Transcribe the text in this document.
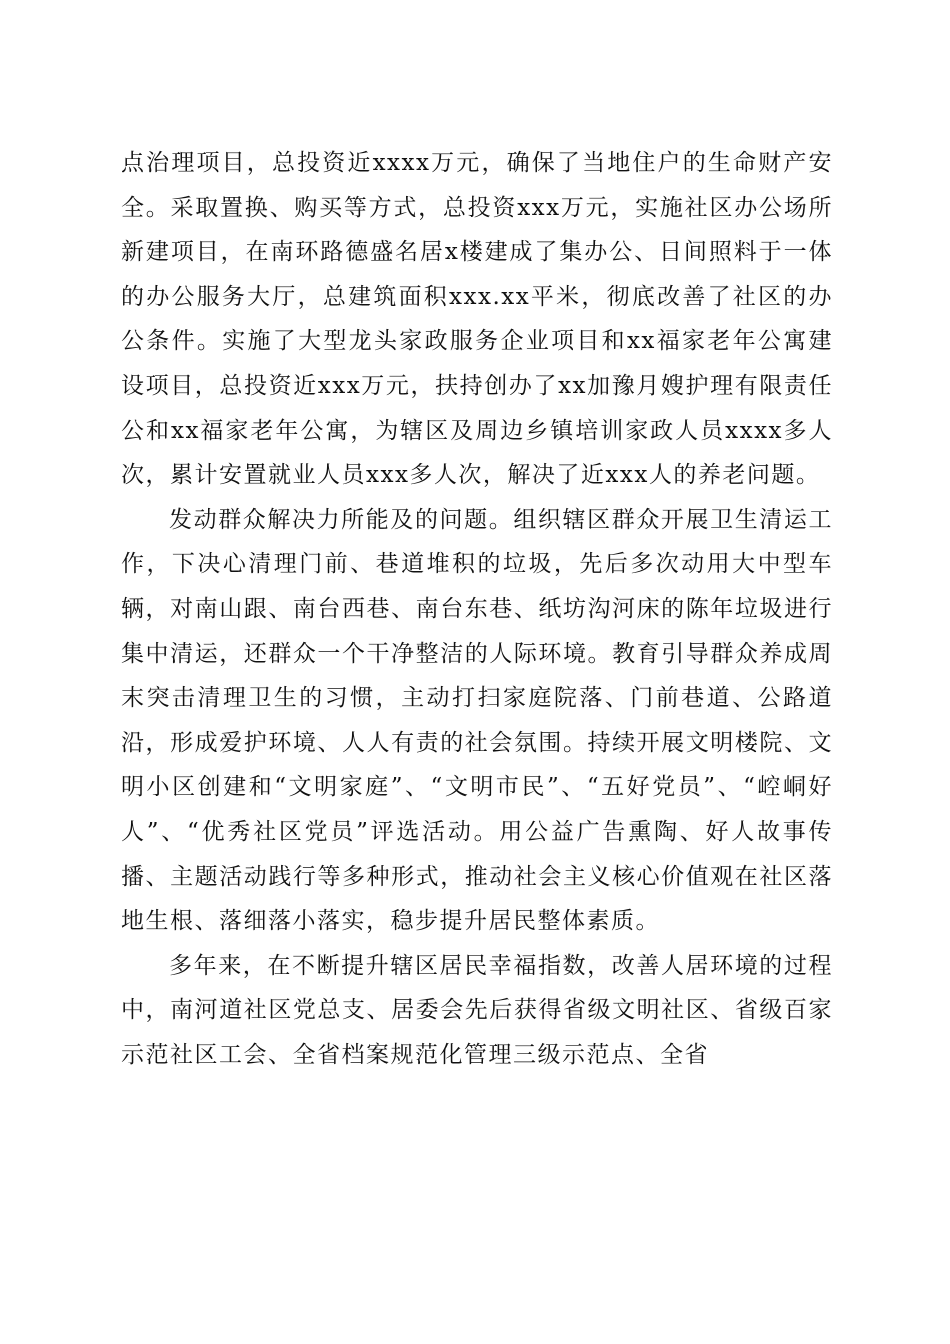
点治理项目，总投资近xxxx万元，确保了当地住户的生命财产安全。采取置换、购买等方式，总投资xxx万元，实施社区办公场所新建项目，在南环路德盛名居x楼建成了集办公、日间照料于一体的办公服务大厅，总建筑面积xxx.xx平米，彻底改善了社区的办公条件。实施了大型龙头家政服务企业项目和xx福家老年公寓建设项目，总投资近xxx万元，扶持创办了xx加豫月嫂护理有限责任公和xx福家老年公寓，为辖区及周边乡镇培训家政人员xxxx多人次，累计安置就业人员xxx多人次，解决了近xxx人的养老问题。

发动群众解决力所能及的问题。组织辖区群众开展卫生清运工作，下决心清理门前、巷道堆积的垃圾，先后多次动用大中型车辆，对南山跟、南台西巷、南台东巷、纸坊沟河床的陈年垃圾进行集中清运，还群众一个干净整洁的人际环境。教育引导群众养成周末突击清理卫生的习惯，主动打扫家庭院落、门前巷道、公路道沿，形成爱护环境、人人有责的社会氛围。持续开展文明楼院、文明小区创建和“文明家庭”、“文明市民”、“五好党员”、“崆峒好人”、“优秀社区党员”评选活动。用公益广告熏陶、好人故事传播、主题活动践行等多种形式，推动社会主义核心价值观在社区落地生根、落细落小落实，稳步提升居民整体素质。

多年来，在不断提升辖区居民幸福指数，改善人居环境的过程中，南河道社区党总支、居委会先后获得省级文明社区、省级百家示范社区工会、全省档案规范化管理三级示范点、全省
